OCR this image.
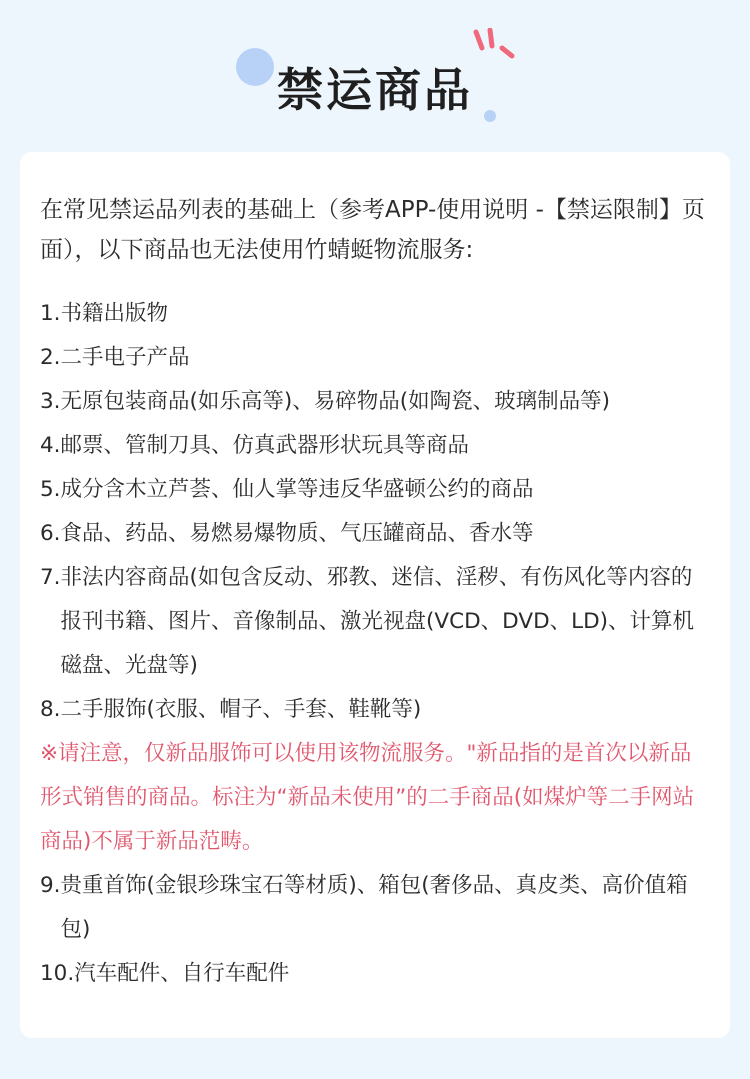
禁运商品

在常见禁运品列表的基础上（参考APP-使用说明 -【禁运限制】页面），以下商品也无法使用竹蜻蜓物流服务:

1. 书籍出版物
2. 二手电子产品
3. 无原包装商品(如乐高等)、易碎物品(如陶瓷、玻璃制品等)
4. 邮票、管制刀具、仿真武器形状玩具等商品
5. 成分含木立芦荟、仙人掌等违反华盛顿公约的商品
6. 食品、药品、易燃易爆物质、气压罐商品、香水等
7. 非法内容商品(如包含反动、邪教、迷信、淫秽、有伤风化等内容的报刊书籍、图片、音像制品、激光视盘(VCD、DVD、LD)、计算机磁盘、光盘等)
8. 二手服饰(衣服、帽子、手套、鞋靴等)
※请注意，仅新品服饰可以使用该物流服务。"新品指的是首次以新品形式销售的商品。标注为“新品未使用”的二手商品(如煤炉等二手网站商品)不属于新品范畴。
9. 贵重首饰(金银珍珠宝石等材质)、箱包(奢侈品、真皮类、高价值箱包)
10. 汽车配件、自行车配件
